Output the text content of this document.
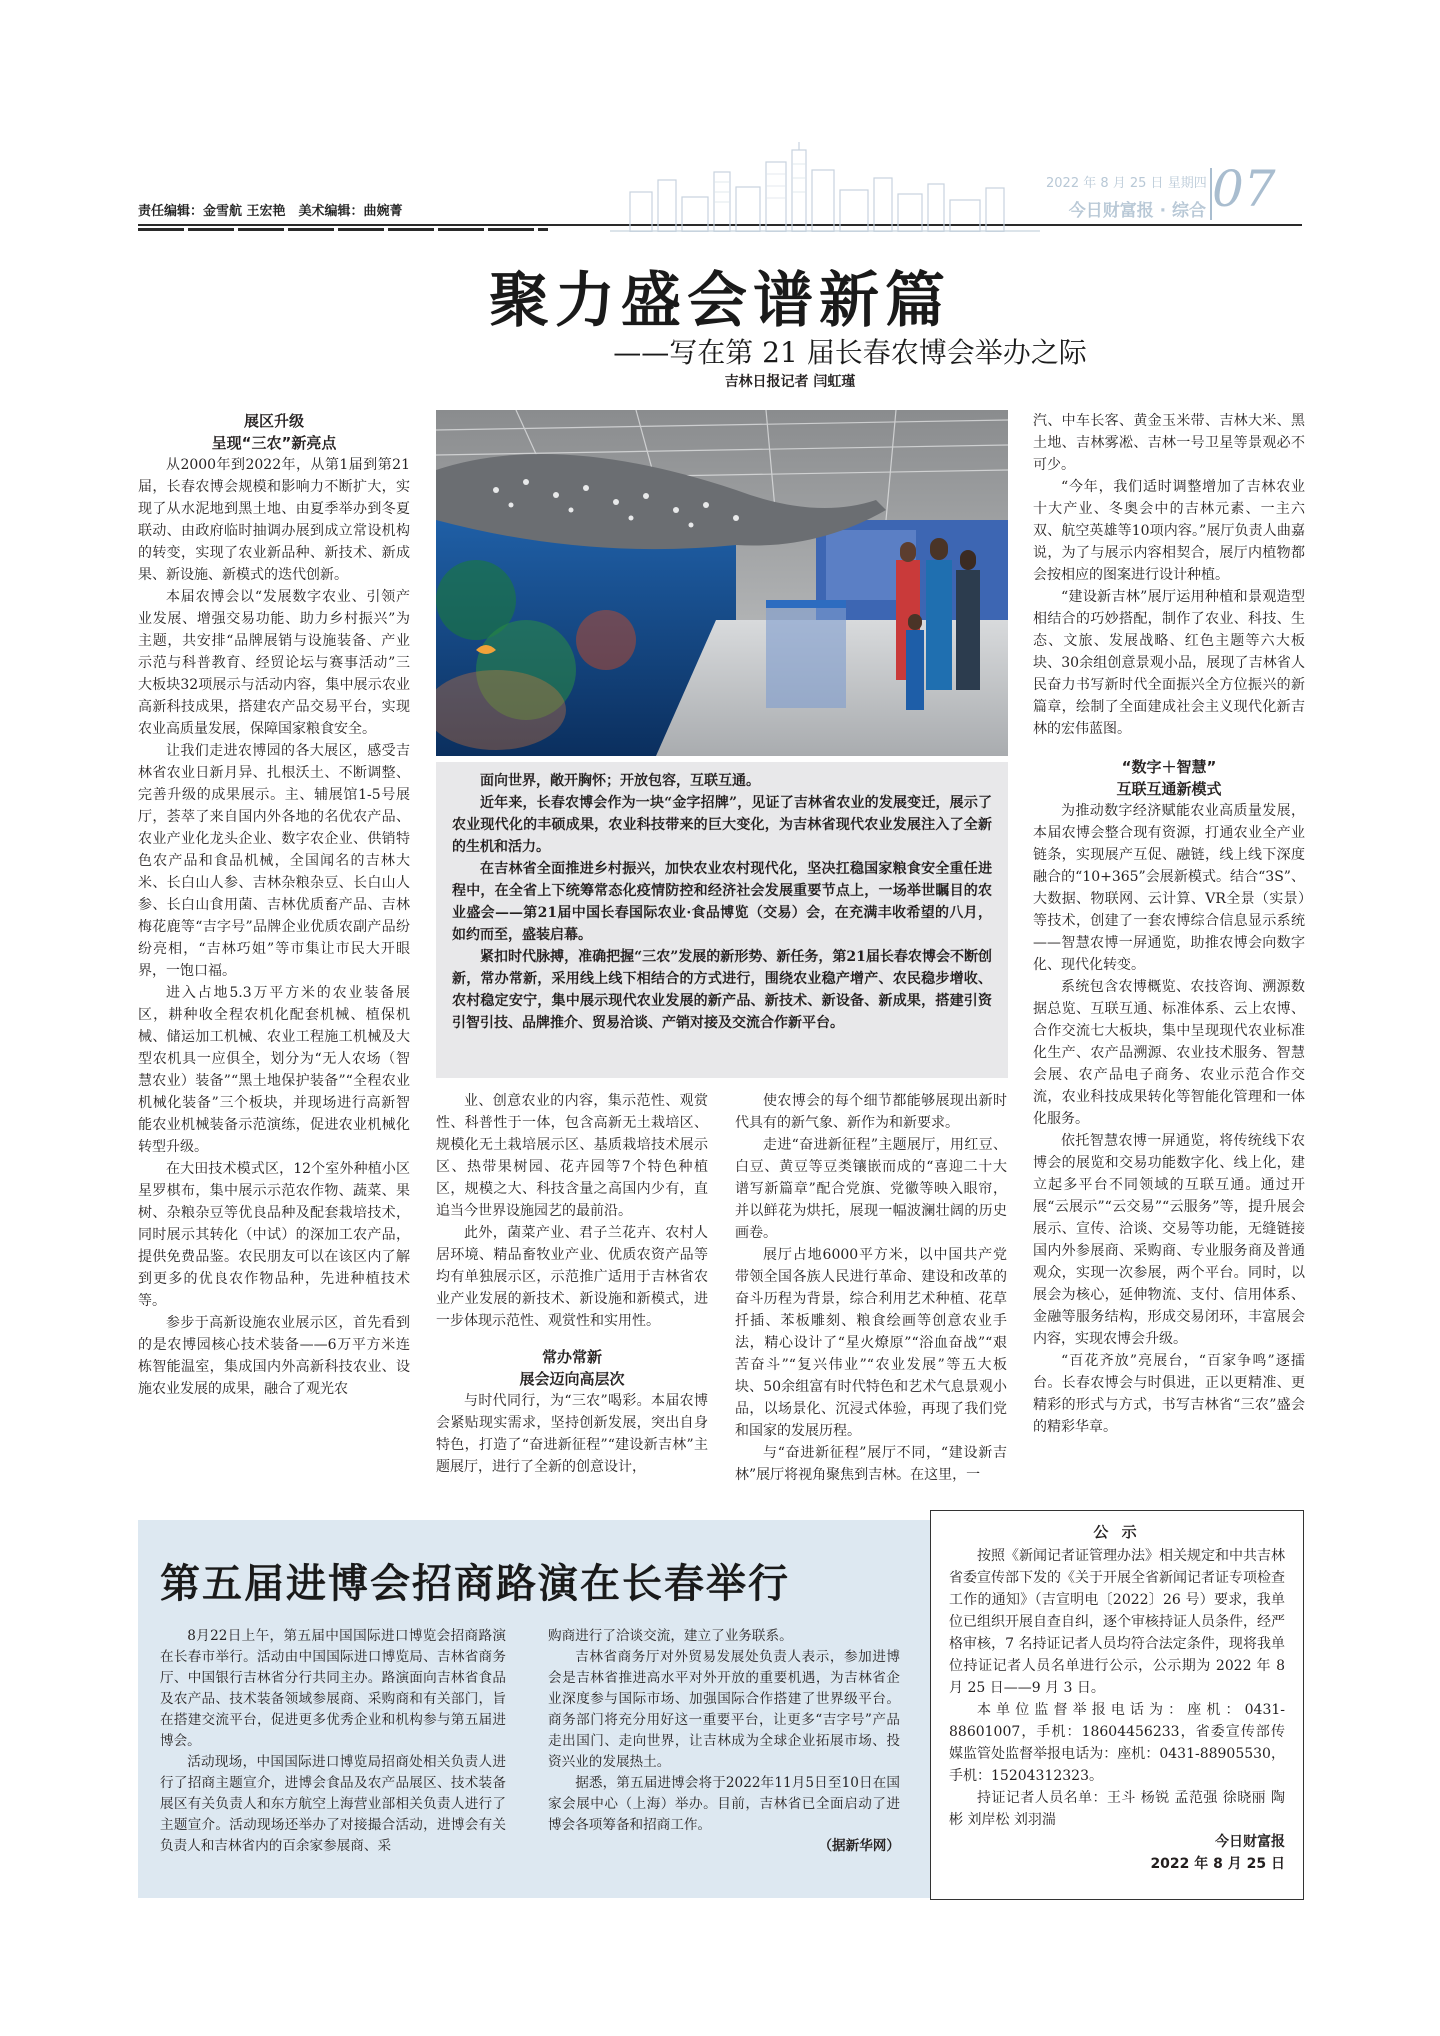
责任编辑：金雪航 王宏艳　美术编辑：曲婉菁
2022 年 8 月 25 日 星期四
今日财富报 · 综合 07
聚力盛会谱新篇
——写在第 21 届长春农博会举办之际
吉林日报记者 闫虹瑾
展区升级
呈现“三农”新亮点

从2000年到2022年，从第1届到第21届，长春农博会规模和影响力不断扩大，实现了从水泥地到黑土地、由夏季举办到冬夏联动、由政府临时抽调办展到成立常设机构的转变，实现了农业新品种、新技术、新成果、新设施、新模式的迭代创新。

本届农博会以“发展数字农业、引领产业发展、增强交易功能、助力乡村振兴”为主题，共安排“品牌展销与设施装备、产业示范与科普教育、经贸论坛与赛事活动”三大板块32项展示与活动内容，集中展示农业高新科技成果，搭建农产品交易平台，实现农业高质量发展，保障国家粮食安全。

让我们走进农博园的各大展区，感受吉林省农业日新月异、扎根沃土、不断调整、完善升级的成果展示。主、辅展馆1-5号展厅，荟萃了来自国内外各地的名优农产品、农业产业化龙头企业、数字农企业、供销特色农产品和食品机械，全国闻名的吉林大米、长白山人参、吉林杂粮杂豆、长白山人参、长白山食用菌、吉林优质畜产品、吉林梅花鹿等“吉字号”品牌企业优质农副产品纷纷亮相，“吉林巧姐”等市集让市民大开眼界，一饱口福。

进入占地5.3万平方米的农业装备展区，耕种收全程农机化配套机械、植保机械、储运加工机械、农业工程施工机械及大型农机具一应俱全，划分为“无人农场（智慧农业）装备”“黑土地保护装备”“全程农业机械化装备”三个板块，并现场进行高新智能农业机械装备示范演练，促进农业机械化转型升级。

在大田技术模式区，12个室外种植小区星罗棋布，集中展示示范农作物、蔬菜、果树、杂粮杂豆等优良品种及配套栽培技术，同时展示其转化（中试）的深加工农产品，提供免费品鉴。农民朋友可以在该区内了解到更多的优良农作物品种，先进种植技术等。

参步于高新设施农业展示区，首先看到的是农博园核心技术装备——6万平方米连栋智能温室，集成国内外高新科技农业、设施农业发展的成果，融合了观光农

面向世界，敞开胸怀；开放包容，互联互通。

近年来，长春农博会作为一块“金字招牌”，见证了吉林省农业的发展变迁，展示了农业现代化的丰硕成果，农业科技带来的巨大变化，为吉林省现代农业发展注入了全新的生机和活力。

在吉林省全面推进乡村振兴，加快农业农村现代化，坚决扛稳国家粮食安全重任进程中，在全省上下统筹常态化疫情防控和经济社会发展重要节点上，一场举世瞩目的农业盛会——第21届中国长春国际农业·食品博览（交易）会，在充满丰收希望的八月，如约而至，盛装启幕。

紧扣时代脉搏，准确把握“三农”发展的新形势、新任务，第21届长春农博会不断创新，常办常新，采用线上线下相结合的方式进行，围绕农业稳产增产、农民稳步增收、农村稳定安宁，集中展示现代农业发展的新产品、新技术、新设备、新成果，搭建引资引智引技、品牌推介、贸易洽谈、产销对接及交流合作新平台。

业、创意农业的内容，集示范性、观赏性、科普性于一体，包含高新无土栽培区、规模化无土栽培展示区、基质栽培技术展示区、热带果树园、花卉园等7个特色种植区，规模之大、科技含量之高国内少有，直追当今世界设施园艺的最前沿。

此外，菌菜产业、君子兰花卉、农村人居环境、精品畜牧业产业、优质农资产品等均有单独展示区，示范推广适用于吉林省农业产业发展的新技术、新设施和新模式，进一步体现示范性、观赏性和实用性。

常办常新
展会迈向高层次

与时代同行，为“三农”喝彩。本届农博会紧贴现实需求，坚持创新发展，突出自身特色，打造了“奋进新征程”“建设新吉林”主题展厅，进行了全新的创意设计，

使农博会的每个细节都能够展现出新时代具有的新气象、新作为和新要求。

走进“奋进新征程”主题展厅，用红豆、白豆、黄豆等豆类镶嵌而成的“喜迎二十大 谱写新篇章”配合党旗、党徽等映入眼帘，并以鲜花为烘托，展现一幅波澜壮阔的历史画卷。

展厅占地6000平方米，以中国共产党带领全国各族人民进行革命、建设和改革的奋斗历程为背景，综合利用艺术种植、花草扦插、苯板雕刻、粮食绘画等创意农业手法，精心设计了“星火燎原”“浴血奋战”“艰苦奋斗”“复兴伟业”“农业发展”等五大板块、50余组富有时代特色和艺术气息景观小品，以场景化、沉浸式体验，再现了我们党和国家的发展历程。

与“奋进新征程”展厅不同，“建设新吉林”展厅将视角聚焦到吉林。在这里，一

汽、中车长客、黄金玉米带、吉林大米、黑土地、吉林雾凇、吉林一号卫星等景观必不可少。

“今年，我们适时调整增加了吉林农业十大产业、冬奥会中的吉林元素、一主六双、航空英雄等10项内容。”展厅负责人曲嘉说，为了与展示内容相契合，展厅内植物都会按相应的图案进行设计种植。

“建设新吉林”展厅运用种植和景观造型相结合的巧妙搭配，制作了农业、科技、生态、文旅、发展战略、红色主题等六大板块、30余组创意景观小品，展现了吉林省人民奋力书写新时代全面振兴全方位振兴的新篇章，绘制了全面建成社会主义现代化新吉林的宏伟蓝图。

“数字＋智慧”
互联互通新模式

为推动数字经济赋能农业高质量发展，本届农博会整合现有资源，打通农业全产业链条，实现展产互促、融链，线上线下深度融合的“10+365”会展新模式。结合“3S”、大数据、物联网、云计算、VR全景（实景）等技术，创建了一套农博综合信息显示系统——智慧农博一屏通览，助推农博会向数字化、现代化转变。

系统包含农博概览、农技咨询、溯源数据总览、互联互通、标准体系、云上农博、合作交流七大板块，集中呈现现代农业标准化生产、农产品溯源、农业技术服务、智慧会展、农产品电子商务、农业示范合作交流，农业科技成果转化等智能化管理和一体化服务。

依托智慧农博一屏通览，将传统线下农博会的展览和交易功能数字化、线上化，建立起多平台不同领域的互联互通。通过开展“云展示”“云交易”“云服务”等，提升展会展示、宣传、洽谈、交易等功能，无缝链接国内外参展商、采购商、专业服务商及普通观众，实现一次参展，两个平台。同时，以展会为核心，延伸物流、支付、信用体系、金融等服务结构，形成交易闭环，丰富展会内容，实现农博会升级。

“百花齐放”亮展台，“百家争鸣”逐擂台。长春农博会与时俱进，正以更精准、更精彩的形式与方式，书写吉林省“三农”盛会的精彩华章。

第五届进博会招商路演在长春举行

8月22日上午，第五届中国国际进口博览会招商路演在长春市举行。活动由中国国际进口博览局、吉林省商务厅、中国银行吉林省分行共同主办。路演面向吉林省食品及农产品、技术装备领域参展商、采购商和有关部门，旨在搭建交流平台，促进更多优秀企业和机构参与第五届进博会。

活动现场，中国国际进口博览局招商处相关负责人进行了招商主题宣介，进博会食品及农产品展区、技术装备展区有关负责人和东方航空上海营业部相关负责人进行了主题宣介。活动现场还举办了对接撮合活动，进博会有关负责人和吉林省内的百余家参展商、采

购商进行了洽谈交流，建立了业务联系。

吉林省商务厅对外贸易发展处负责人表示，参加进博会是吉林省推进高水平对外开放的重要机遇，为吉林省企业深度参与国际市场、加强国际合作搭建了世界级平台。商务部门将充分用好这一重要平台，让更多“吉字号”产品走出国门、走向世界，让吉林成为全球企业拓展市场、投资兴业的发展热土。

据悉，第五届进博会将于2022年11月5日至10日在国家会展中心（上海）举办。目前，吉林省已全面启动了进博会各项筹备和招商工作。

（据新华网）
公 示

按照《新闻记者证管理办法》相关规定和中共吉林省委宣传部下发的《关于开展全省新闻记者证专项检查工作的通知》（吉宣明电〔2022〕26 号）要求，我单位已组织开展自查自纠，逐个审核持证人员条件，经严格审核，7 名持证记者人员均符合法定条件，现将我单位持证记者人员名单进行公示，公示期为 2022 年 8 月 25 日——9 月 3 日。

本单位监督举报电话为：座机：0431-88601007，手机：18604456233，省委宣传部传媒监管处监督举报电话为：座机：0431-88905530，手机：15204312323。

持证记者人员名单：王斗 杨锐 孟范强 徐晓丽 陶彬 刘岸松 刘羽湍

今日财富报
2022 年 8 月 25 日
